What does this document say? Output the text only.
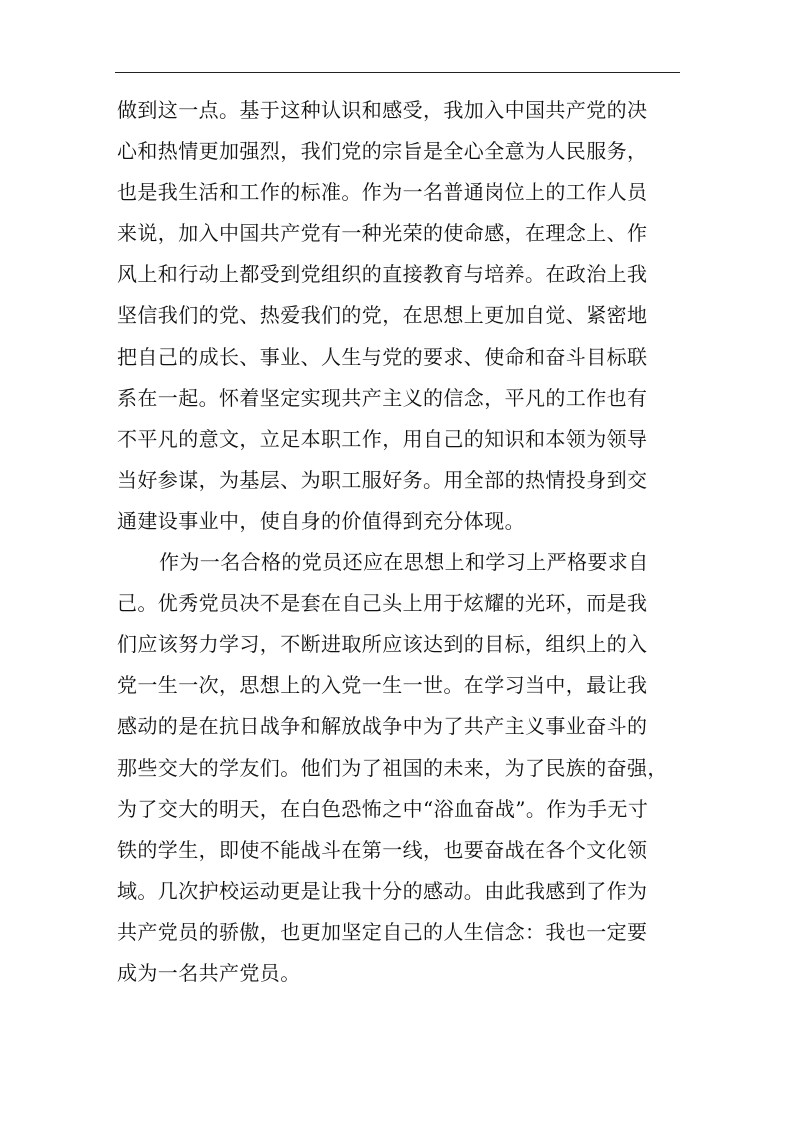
做到这一点。基于这种认识和感受，我加入中国共产党的决
心和热情更加强烈，我们党的宗旨是全心全意为人民服务，
也是我生活和工作的标准。作为一名普通岗位上的工作人员
来说，加入中国共产党有一种光荣的使命感，在理念上、作
风上和行动上都受到党组织的直接教育与培养。在政治上我
坚信我们的党、热爱我们的党，在思想上更加自觉、紧密地
把自己的成长、事业、人生与党的要求、使命和奋斗目标联
系在一起。怀着坚定实现共产主义的信念，平凡的工作也有
不平凡的意文，立足本职工作，用自己的知识和本领为领导
当好参谋，为基层、为职工服好务。用全部的热情投身到交
通建设事业中，使自身的价值得到充分体现。
作为一名合格的党员还应在思想上和学习上严格要求自
己。优秀党员决不是套在自己头上用于炫耀的光环，而是我
们应该努力学习，不断进取所应该达到的目标，组织上的入
党一生一次，思想上的入党一生一世。在学习当中，最让我
感动的是在抗日战争和解放战争中为了共产主义事业奋斗的
那些交大的学友们。他们为了祖国的未来，为了民族的奋强，
为了交大的明天，在白色恐怖之中“浴血奋战”。作为手无寸
铁的学生，即使不能战斗在第一线，也要奋战在各个文化领
域。几次护校运动更是让我十分的感动。由此我感到了作为
共产党员的骄傲，也更加坚定自己的人生信念：我也一定要
成为一名共产党员。
